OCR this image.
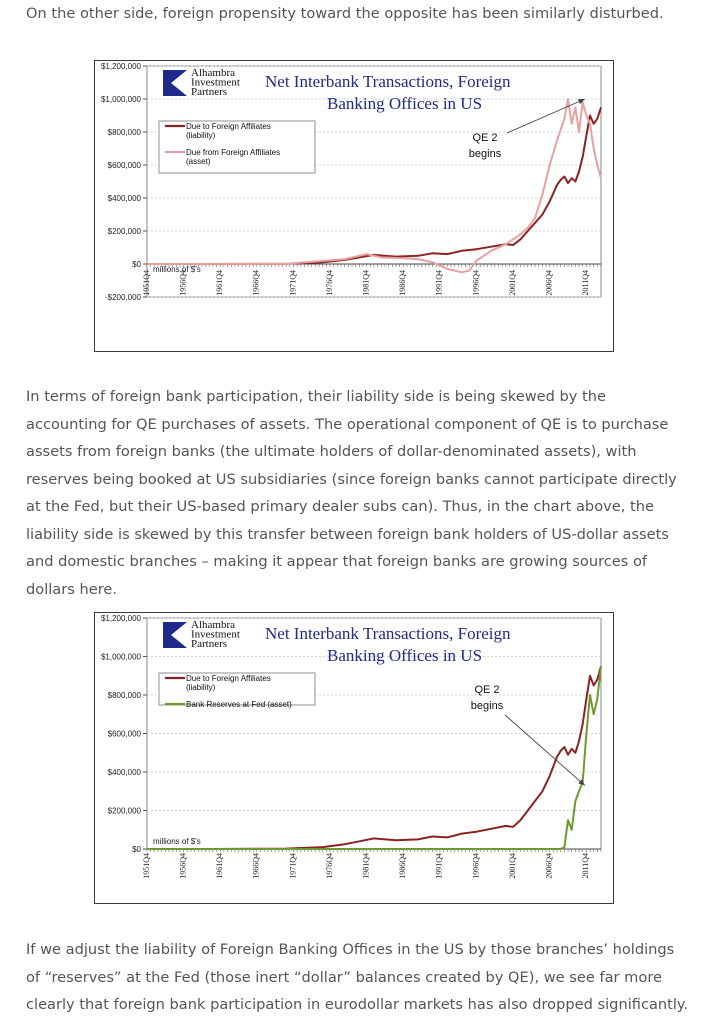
On the other side, foreign propensity toward the opposite has been similarly disturbed.

-$200,000
$0
$200,000
$400,000
$600,000
$800,000
$1,000,000
$1,200,000
1951Q4	1956Q4	1961Q4	1966Q4	1971Q4	1976Q4	1981Q4	1986Q4	1991Q4	1996Q4	2001Q4	2006Q4	2011Q4
millions of $'s
Alhambra
Investment
Partners
Net Interbank Transactions, Foreign
Banking Offices in US
Due to Foreign Affiliates
(liability)
Due from Foreign Affiliates
(asset)
QE 2
begins

In terms of foreign bank participation, their liability side is being skewed by the accounting for QE purchases of assets. The operational component of QE is to purchase assets from foreign banks (the ultimate holders of dollar-denominated assets), with reserves being booked at US subsidiaries (since foreign banks cannot participate directly at the Fed, but their US-based primary dealer subs can). Thus, in the chart above, the liability side is skewed by this transfer between foreign bank holders of US-dollar assets and domestic branches – making it appear that foreign banks are growing sources of dollars here.

$0
$200,000
$400,000
$600,000
$800,000
$1,000,000
$1,200,000
1951Q4	1956Q4	1961Q4	1966Q4	1971Q4	1976Q4	1981Q4	1986Q4	1991Q4	1996Q4	2001Q4	2006Q4	2011Q4
millions of $'s
Alhambra
Investment
Partners
Net Interbank Transactions, Foreign
Banking Offices in US
Due to Foreign Affiliates
(liability)
Bank Reserves at Fed (asset)
QE 2
begins

If we adjust the liability of Foreign Banking Offices in the US by those branches’ holdings of “reserves” at the Fed (those inert “dollar” balances created by QE), we see far more clearly that foreign bank participation in eurodollar markets has also dropped significantly.
